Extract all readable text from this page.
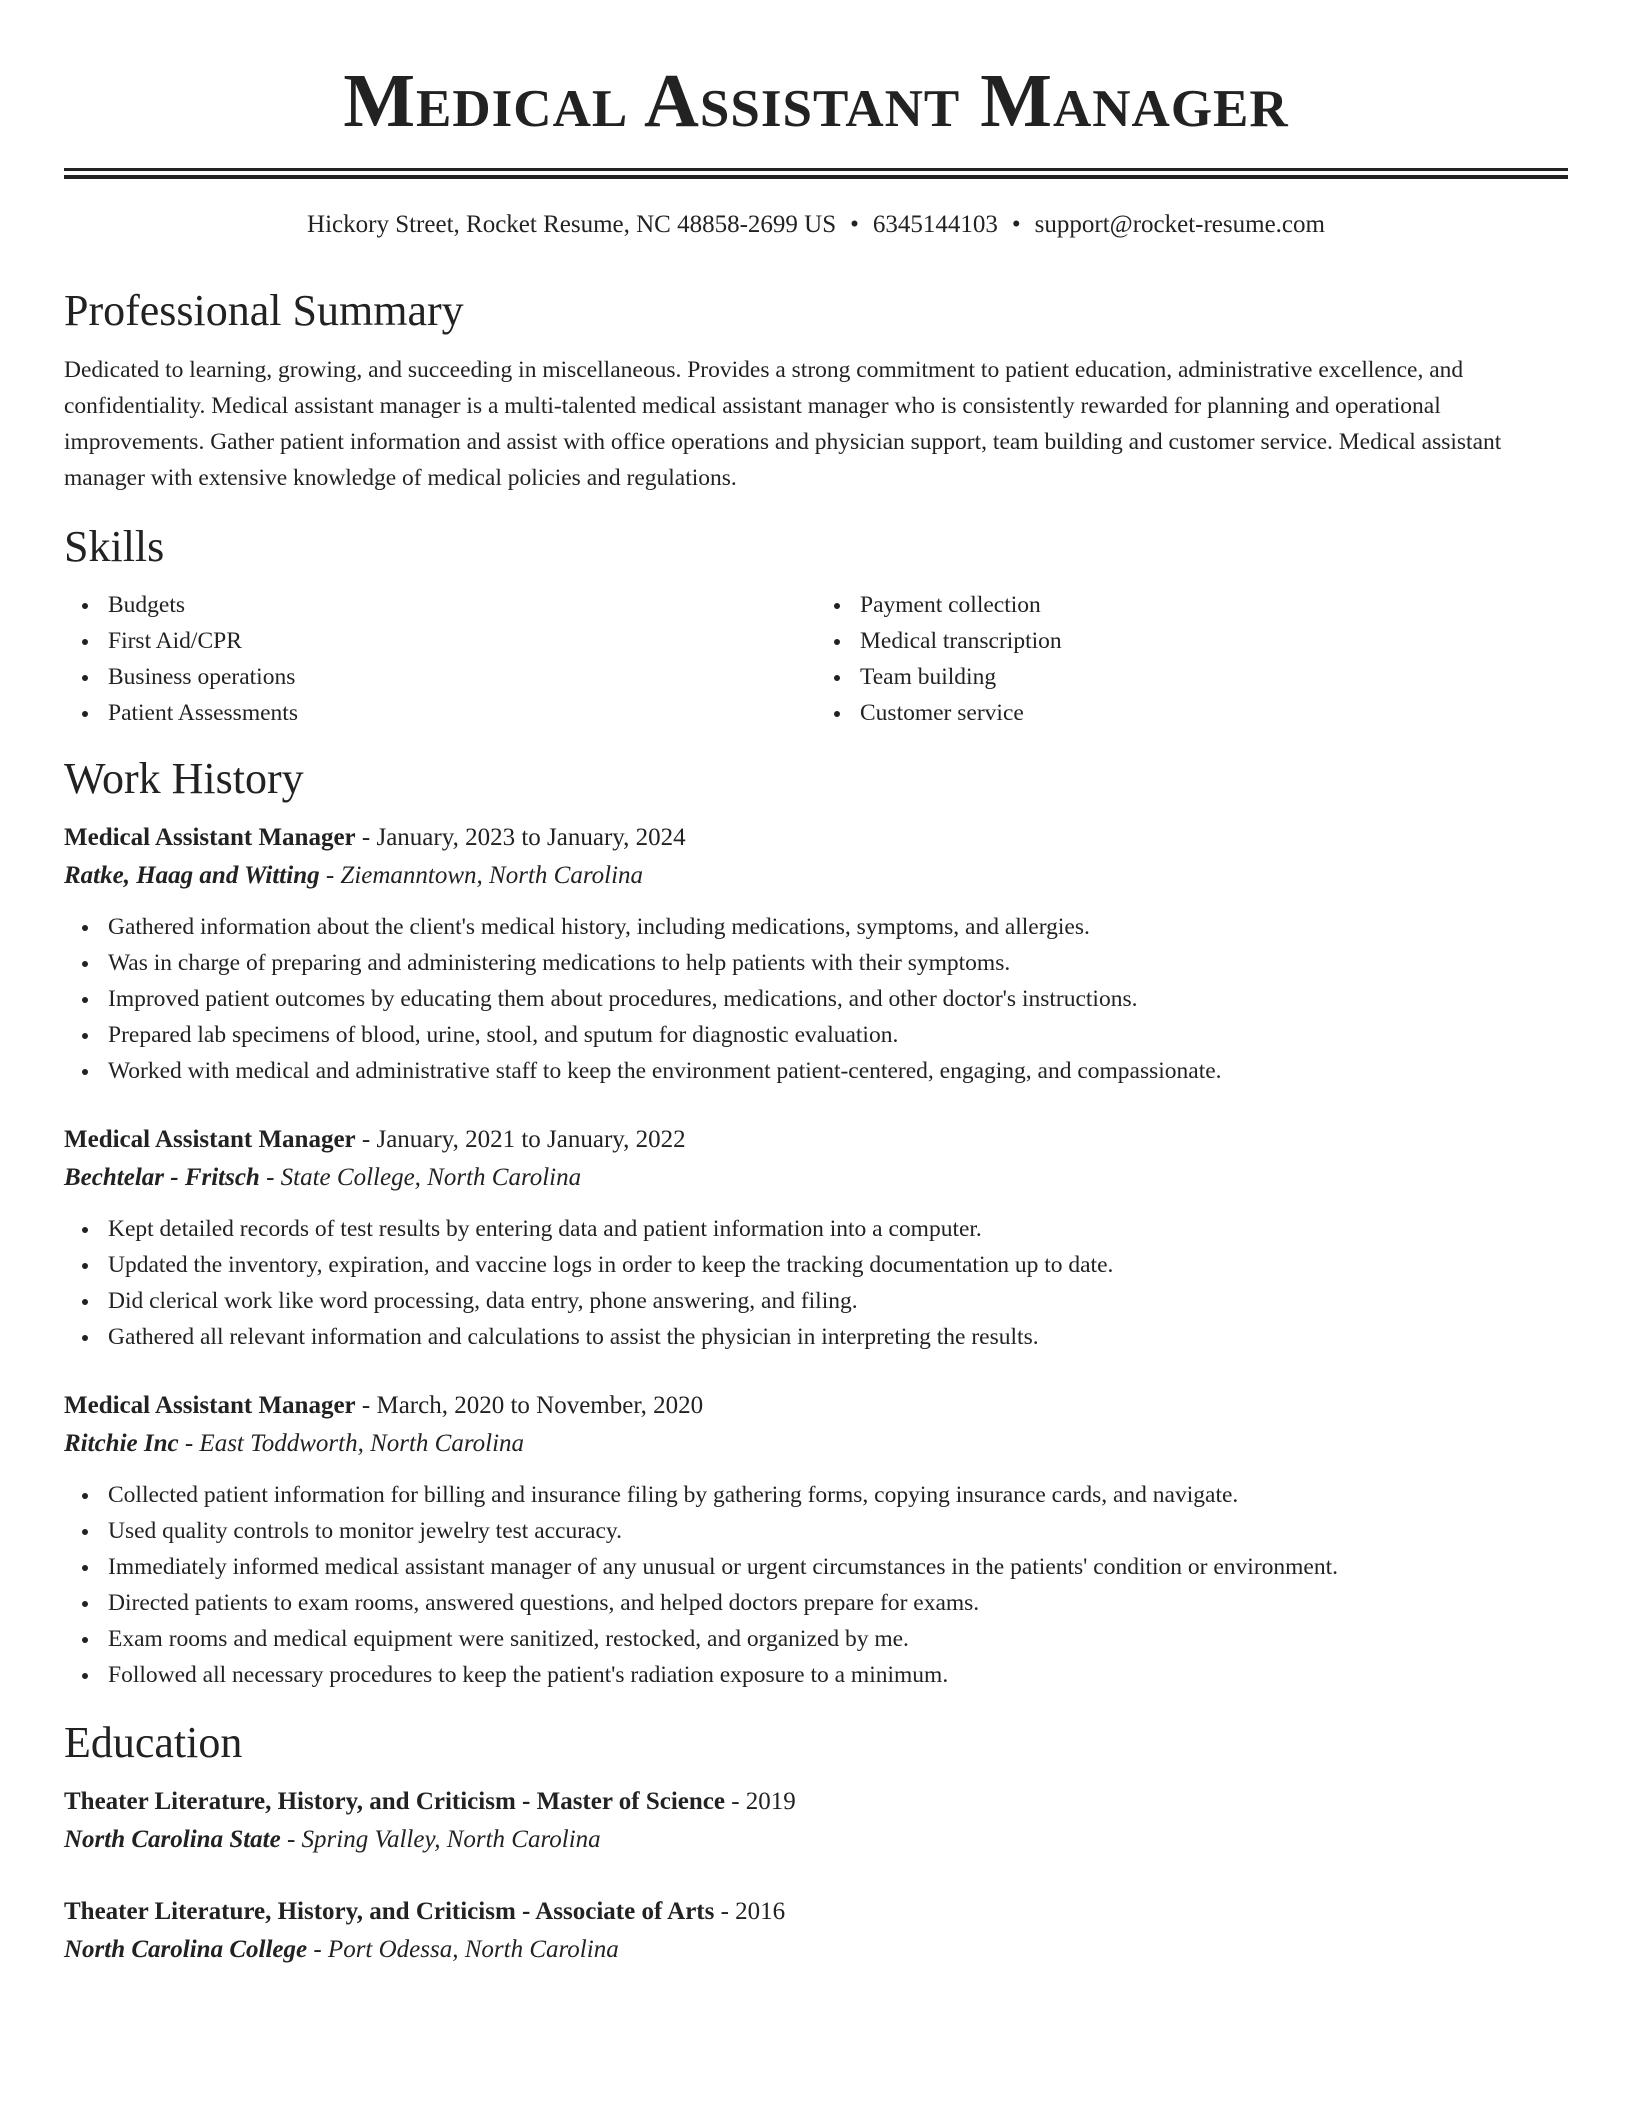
Medical Assistant Manager
Hickory Street, Rocket Resume, NC 48858-2699 US • 6345144103 • support@rocket-resume.com
Professional Summary

Dedicated to learning, growing, and succeeding in miscellaneous. Provides a strong commitment to patient education, administrative excellence, and confidentiality. Medical assistant manager is a multi-talented medical assistant manager who is consistently rewarded for planning and operational improvements. Gather patient information and assist with office operations and physician support, team building and customer service. Medical assistant manager with extensive knowledge of medical policies and regulations.

Skills
Budgets
First Aid/CPR
Business operations
Patient Assessments
Payment collection
Medical transcription
Team building
Customer service
Work History
Medical Assistant Manager - January, 2023 to January, 2024
Ratke, Haag and Witting - Ziemanntown, North Carolina
Gathered information about the client's medical history, including medications, symptoms, and allergies.
Was in charge of preparing and administering medications to help patients with their symptoms.
Improved patient outcomes by educating them about procedures, medications, and other doctor's instructions.
Prepared lab specimens of blood, urine, stool, and sputum for diagnostic evaluation.
Worked with medical and administrative staff to keep the environment patient-centered, engaging, and compassionate.
Medical Assistant Manager - January, 2021 to January, 2022
Bechtelar - Fritsch - State College, North Carolina
Kept detailed records of test results by entering data and patient information into a computer.
Updated the inventory, expiration, and vaccine logs in order to keep the tracking documentation up to date.
Did clerical work like word processing, data entry, phone answering, and filing.
Gathered all relevant information and calculations to assist the physician in interpreting the results.
Medical Assistant Manager - March, 2020 to November, 2020
Ritchie Inc - East Toddworth, North Carolina
Collected patient information for billing and insurance filing by gathering forms, copying insurance cards, and navigate.
Used quality controls to monitor jewelry test accuracy.
Immediately informed medical assistant manager of any unusual or urgent circumstances in the patients' condition or environment.
Directed patients to exam rooms, answered questions, and helped doctors prepare for exams.
Exam rooms and medical equipment were sanitized, restocked, and organized by me.
Followed all necessary procedures to keep the patient's radiation exposure to a minimum.
Education
Theater Literature, History, and Criticism - Master of Science - 2019
North Carolina State - Spring Valley, North Carolina
Theater Literature, History, and Criticism - Associate of Arts - 2016
North Carolina College - Port Odessa, North Carolina
